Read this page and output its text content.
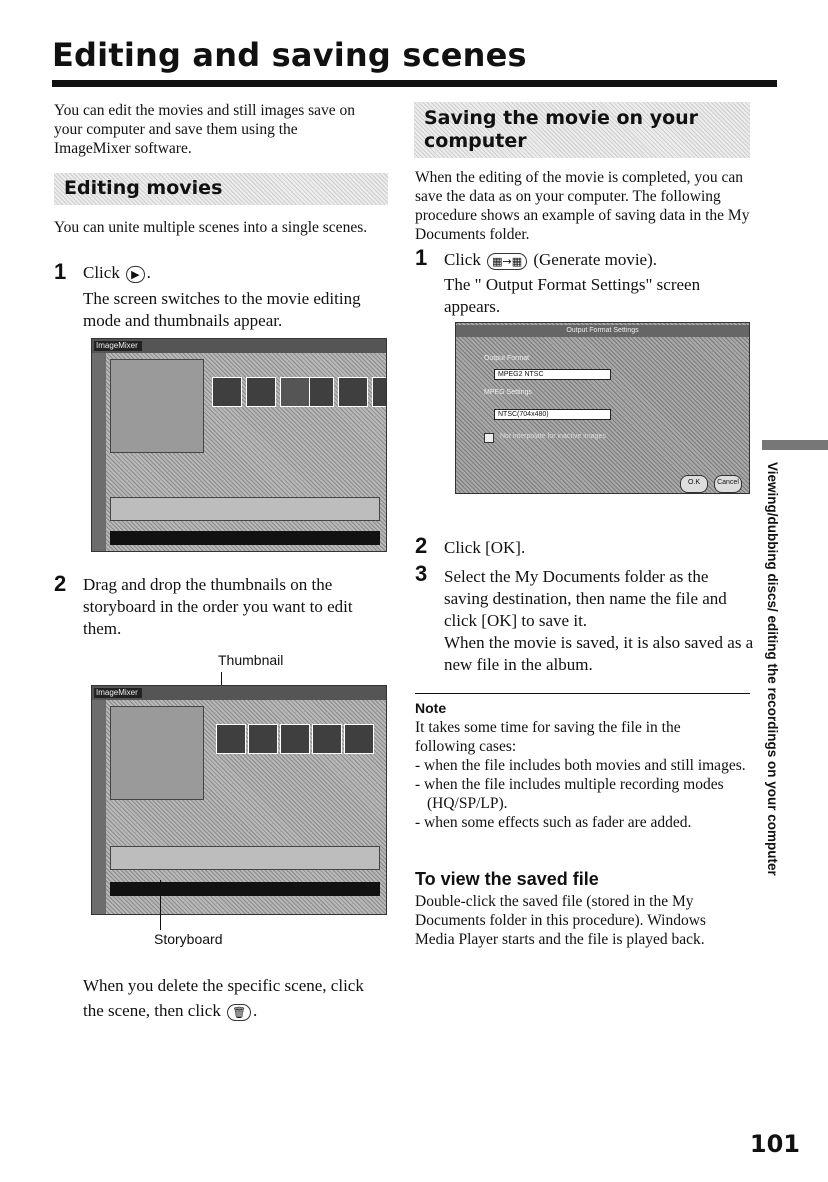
Editing and saving scenes
You can edit the movies and still images save on your computer and save them using the ImageMixer software.
Editing movies
You can unite multiple scenes into a single scenes.
1 Click ▶ .
The screen switches to the movie editing mode and thumbnails appear.
ImageMixer
2 Drag and drop the thumbnails on the storyboard in the order you want to edit them.
Thumbnail
ImageMixer
Storyboard
When you delete the specific scene, click
the scene, then click 🗑 .
Saving the movie on your
computer
When the editing of the movie is completed, you can save the data as on your computer. The following procedure shows an example of saving data in the My Documents folder.
1 Click ▦→▦ (Generate movie).
The " Output Format Settings" screen appears.
Output Format Settings
Output Format
MPEG2 NTSC
MPEG Settings
NTSC(704x480)
Not interpolate for inactive images
O.K	Cancel
2 Click [OK].
3 Select the My Documents folder as the saving destination, then name the file and click [OK] to save it.
When the movie is saved, it is also saved as a new file in the album.
Note
It takes some time for saving the file in the following cases:
- when the file includes both movies and still images.
- when the file includes multiple recording modes (HQ/SP/LP).
- when some effects such as fader are added.
To view the saved file
Double-click the saved file (stored in the My Documents folder in this procedure). Windows Media Player starts and the file is played back.
Viewing/dubbing discs/ editing the recordings on your computer
101
